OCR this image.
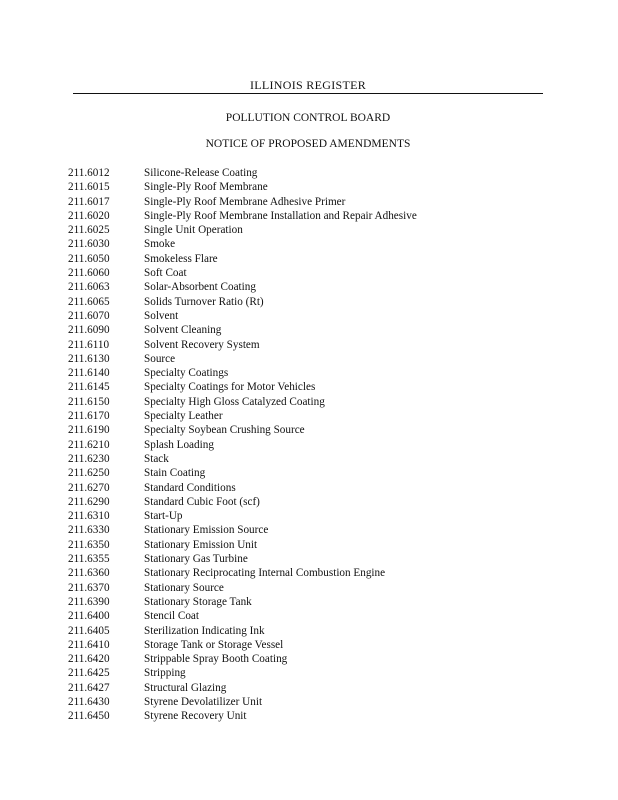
ILLINOIS REGISTER
POLLUTION CONTROL BOARD
NOTICE OF PROPOSED AMENDMENTS
211.6012	Silicone-Release Coating
211.6015	Single-Ply Roof Membrane
211.6017	Single-Ply Roof Membrane Adhesive Primer
211.6020	Single-Ply Roof Membrane Installation and Repair Adhesive
211.6025	Single Unit Operation
211.6030	Smoke
211.6050	Smokeless Flare
211.6060	Soft Coat
211.6063	Solar-Absorbent Coating
211.6065	Solids Turnover Ratio (Rt)
211.6070	Solvent
211.6090	Solvent Cleaning
211.6110	Solvent Recovery System
211.6130	Source
211.6140	Specialty Coatings
211.6145	Specialty Coatings for Motor Vehicles
211.6150	Specialty High Gloss Catalyzed Coating
211.6170	Specialty Leather
211.6190	Specialty Soybean Crushing Source
211.6210	Splash Loading
211.6230	Stack
211.6250	Stain Coating
211.6270	Standard Conditions
211.6290	Standard Cubic Foot (scf)
211.6310	Start-Up
211.6330	Stationary Emission Source
211.6350	Stationary Emission Unit
211.6355	Stationary Gas Turbine
211.6360	Stationary Reciprocating Internal Combustion Engine
211.6370	Stationary Source
211.6390	Stationary Storage Tank
211.6400	Stencil Coat
211.6405	Sterilization Indicating Ink
211.6410	Storage Tank or Storage Vessel
211.6420	Strippable Spray Booth Coating
211.6425	Stripping
211.6427	Structural Glazing
211.6430	Styrene Devolatilizer Unit
211.6450	Styrene Recovery Unit
